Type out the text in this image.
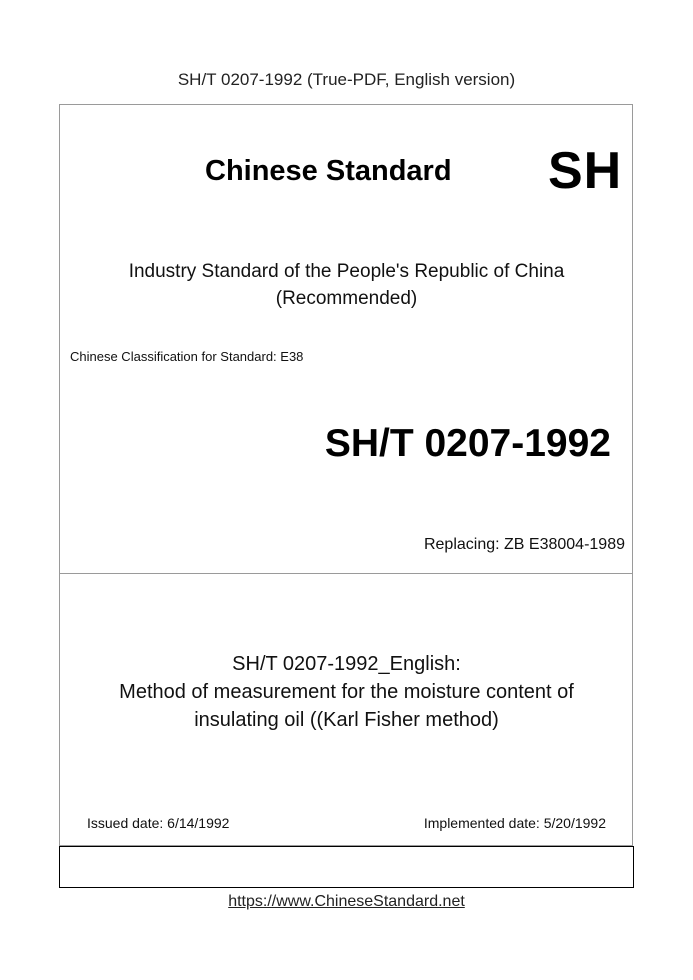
SH/T 0207-1992 (True-PDF, English version)
Chinese Standard SH
Industry Standard of the People's Republic of China
(Recommended)
Chinese Classification for Standard: E38
SH/T 0207-1992
Replacing: ZB E38004-1989
SH/T 0207-1992_English:
Method of measurement for the moisture content of
insulating oil ((Karl Fisher method)
Issued date: 6/14/1992	Implemented date: 5/20/1992
https://www.ChineseStandard.net
